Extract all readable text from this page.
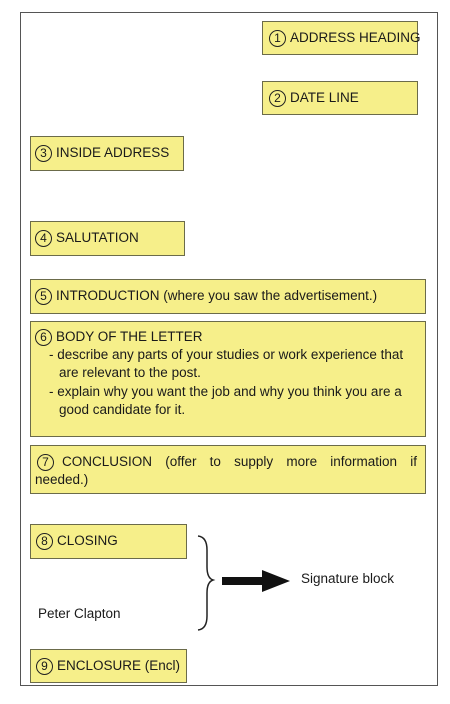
1 ADDRESS HEADING
2 DATE LINE
3 INSIDE ADDRESS
4 SALUTATION
5 INTRODUCTION (where you saw the advertisement.)
6 BODY OF THE LETTER
- describe any parts of your studies or work experience that are relevant to the post.
- explain why you want the job and why you think you are a good candidate for it.
7 CONCLUSION (offer to supply more information if needed.)
8 CLOSING
Peter Clapton
Signature block
9 ENCLOSURE (Encl)
